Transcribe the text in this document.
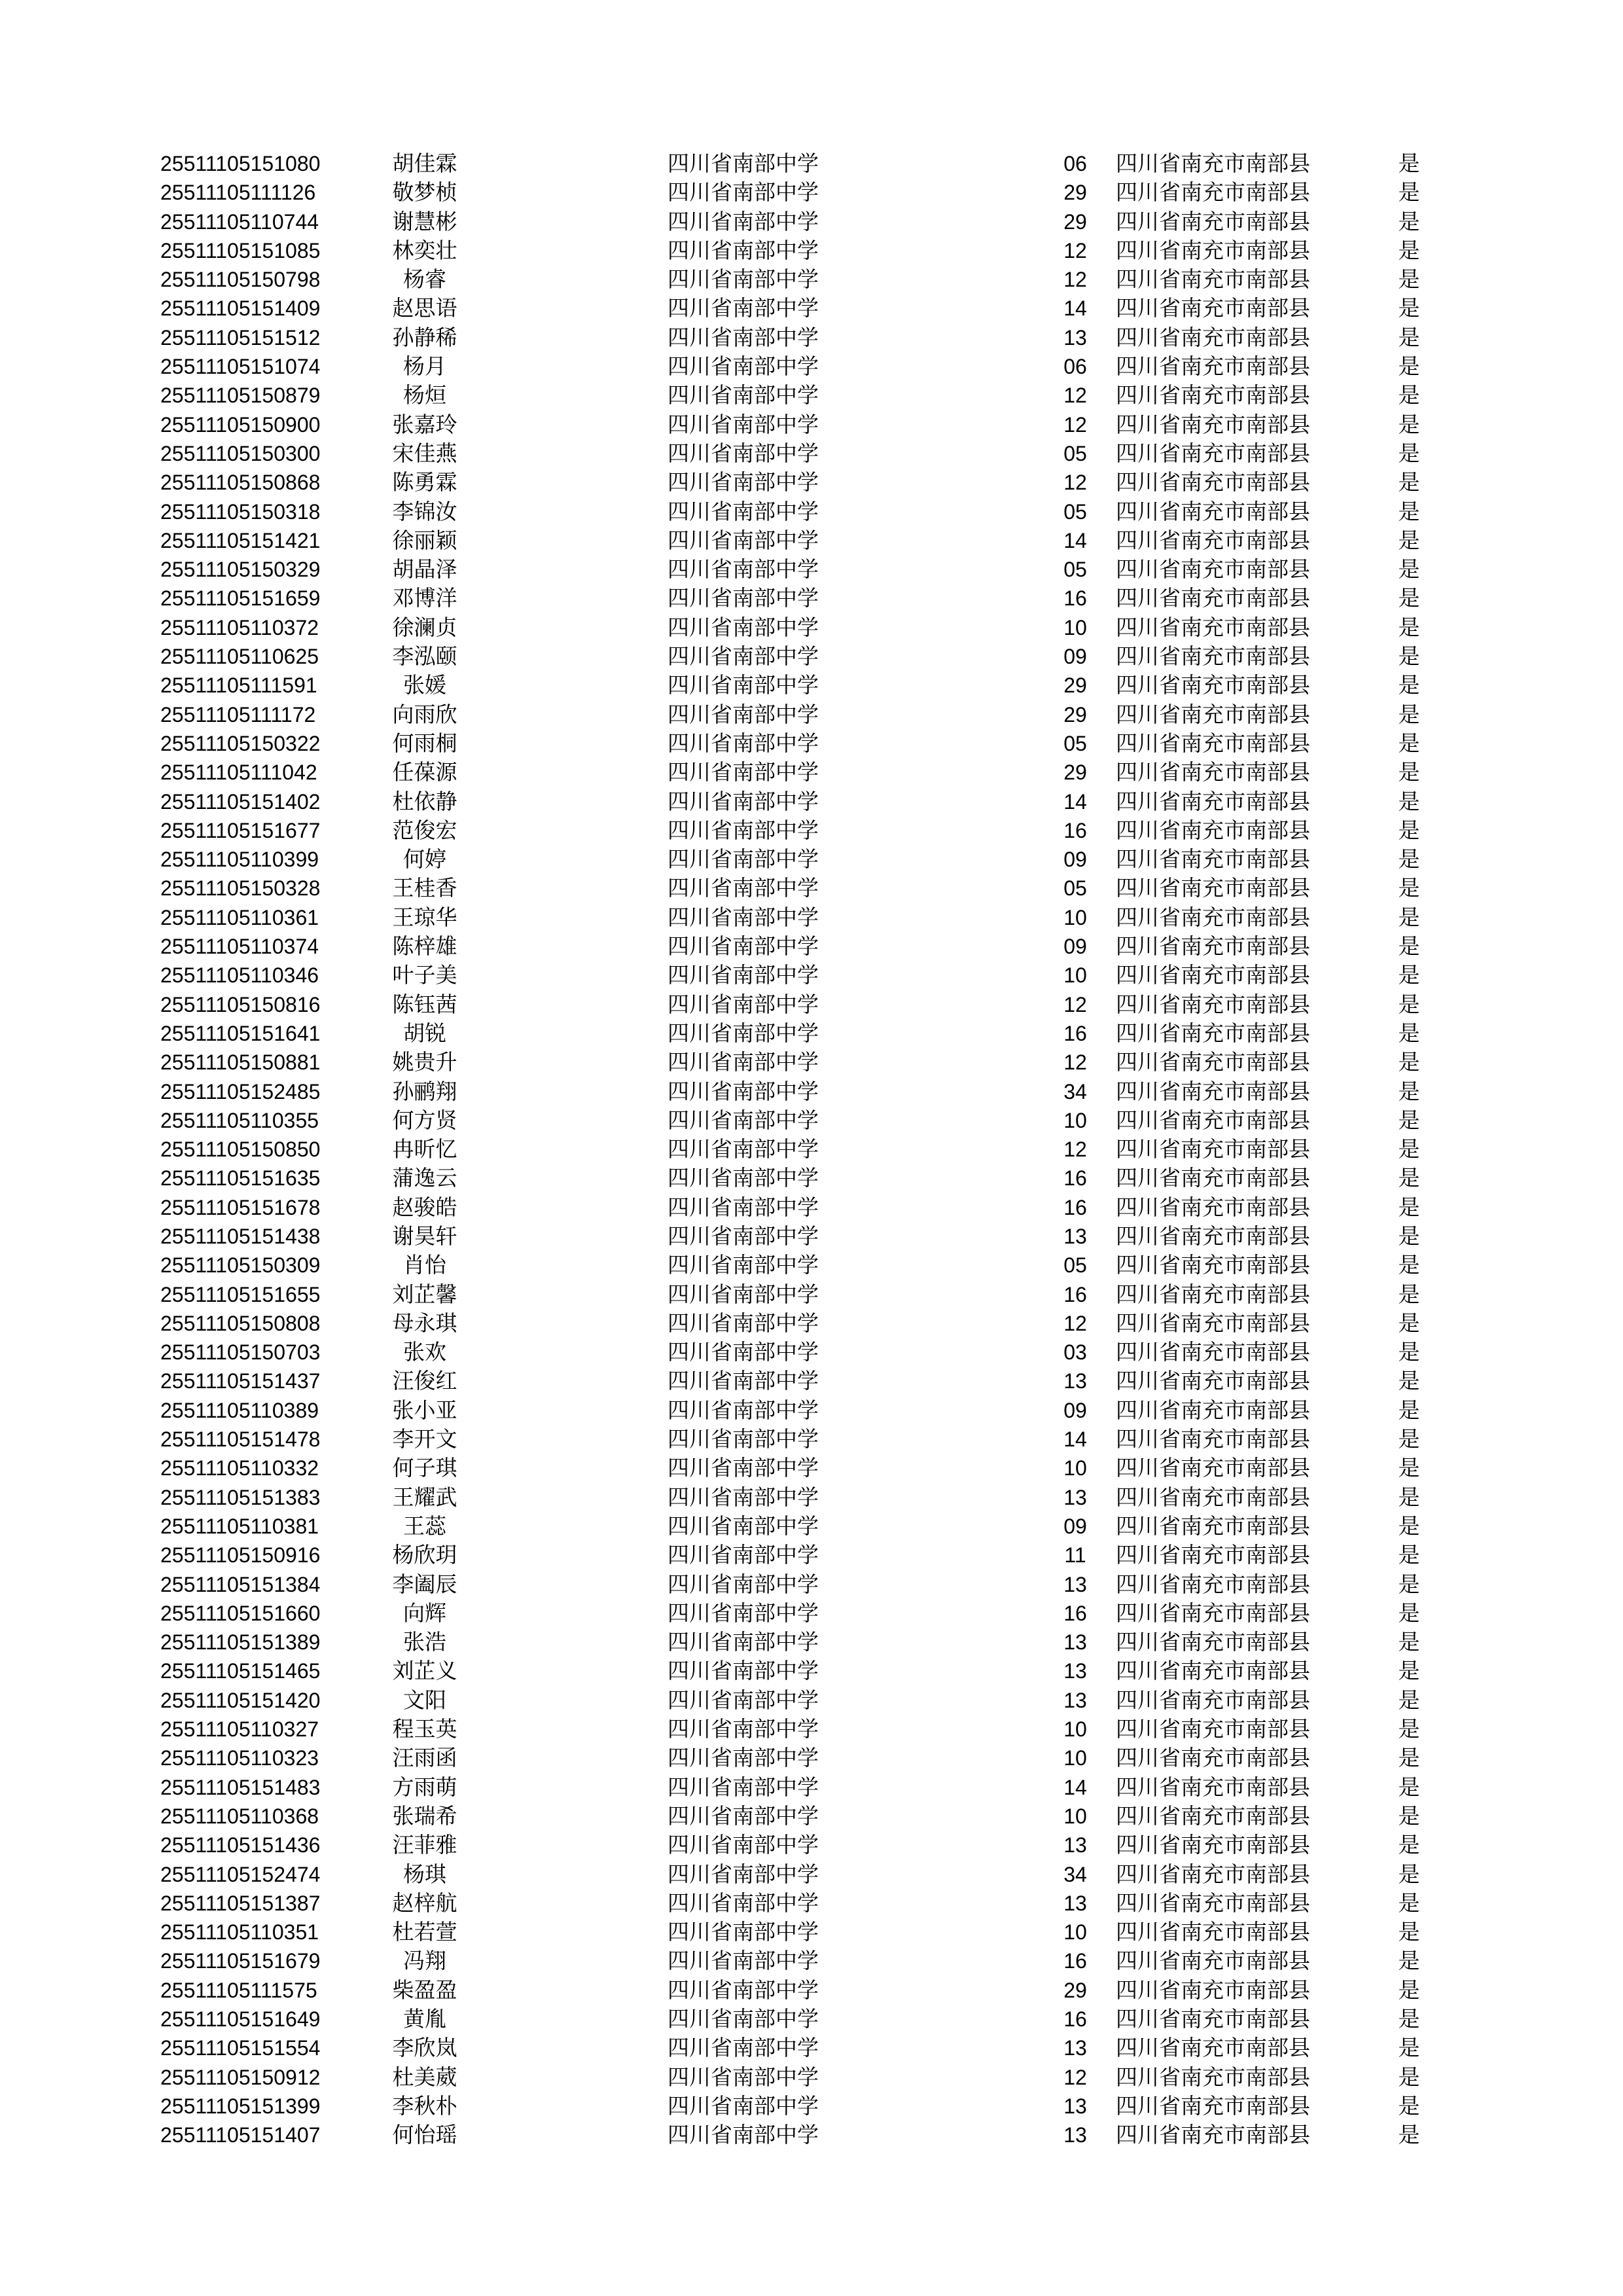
25511105151080	胡佳霖	四川省南部中学	06	四川省南充市南部县	是
25511105111126	敬梦桢	四川省南部中学	29	四川省南充市南部县	是
25511105110744	谢慧彬	四川省南部中学	29	四川省南充市南部县	是
25511105151085	林奕壮	四川省南部中学	12	四川省南充市南部县	是
25511105150798	杨睿	四川省南部中学	12	四川省南充市南部县	是
25511105151409	赵思语	四川省南部中学	14	四川省南充市南部县	是
25511105151512	孙静稀	四川省南部中学	13	四川省南充市南部县	是
25511105151074	杨月	四川省南部中学	06	四川省南充市南部县	是
25511105150879	杨烜	四川省南部中学	12	四川省南充市南部县	是
25511105150900	张嘉玲	四川省南部中学	12	四川省南充市南部县	是
25511105150300	宋佳燕	四川省南部中学	05	四川省南充市南部县	是
25511105150868	陈勇霖	四川省南部中学	12	四川省南充市南部县	是
25511105150318	李锦汝	四川省南部中学	05	四川省南充市南部县	是
25511105151421	徐丽颖	四川省南部中学	14	四川省南充市南部县	是
25511105150329	胡晶泽	四川省南部中学	05	四川省南充市南部县	是
25511105151659	邓博洋	四川省南部中学	16	四川省南充市南部县	是
25511105110372	徐澜贞	四川省南部中学	10	四川省南充市南部县	是
25511105110625	李泓颐	四川省南部中学	09	四川省南充市南部县	是
25511105111591	张媛	四川省南部中学	29	四川省南充市南部县	是
25511105111172	向雨欣	四川省南部中学	29	四川省南充市南部县	是
25511105150322	何雨桐	四川省南部中学	05	四川省南充市南部县	是
25511105111042	任葆源	四川省南部中学	29	四川省南充市南部县	是
25511105151402	杜依静	四川省南部中学	14	四川省南充市南部县	是
25511105151677	范俊宏	四川省南部中学	16	四川省南充市南部县	是
25511105110399	何婷	四川省南部中学	09	四川省南充市南部县	是
25511105150328	王桂香	四川省南部中学	05	四川省南充市南部县	是
25511105110361	王琼华	四川省南部中学	10	四川省南充市南部县	是
25511105110374	陈梓雄	四川省南部中学	09	四川省南充市南部县	是
25511105110346	叶子美	四川省南部中学	10	四川省南充市南部县	是
25511105150816	陈钰茜	四川省南部中学	12	四川省南充市南部县	是
25511105151641	胡锐	四川省南部中学	16	四川省南充市南部县	是
25511105150881	姚贵升	四川省南部中学	12	四川省南充市南部县	是
25511105152485	孙鹂翔	四川省南部中学	34	四川省南充市南部县	是
25511105110355	何方贤	四川省南部中学	10	四川省南充市南部县	是
25511105150850	冉昕忆	四川省南部中学	12	四川省南充市南部县	是
25511105151635	蒲逸云	四川省南部中学	16	四川省南充市南部县	是
25511105151678	赵骏皓	四川省南部中学	16	四川省南充市南部县	是
25511105151438	谢昊轩	四川省南部中学	13	四川省南充市南部县	是
25511105150309	肖怡	四川省南部中学	05	四川省南充市南部县	是
25511105151655	刘芷馨	四川省南部中学	16	四川省南充市南部县	是
25511105150808	母永琪	四川省南部中学	12	四川省南充市南部县	是
25511105150703	张欢	四川省南部中学	03	四川省南充市南部县	是
25511105151437	汪俊红	四川省南部中学	13	四川省南充市南部县	是
25511105110389	张小亚	四川省南部中学	09	四川省南充市南部县	是
25511105151478	李开文	四川省南部中学	14	四川省南充市南部县	是
25511105110332	何子琪	四川省南部中学	10	四川省南充市南部县	是
25511105151383	王耀武	四川省南部中学	13	四川省南充市南部县	是
25511105110381	王蕊	四川省南部中学	09	四川省南充市南部县	是
25511105150916	杨欣玥	四川省南部中学	11	四川省南充市南部县	是
25511105151384	李阖辰	四川省南部中学	13	四川省南充市南部县	是
25511105151660	向辉	四川省南部中学	16	四川省南充市南部县	是
25511105151389	张浩	四川省南部中学	13	四川省南充市南部县	是
25511105151465	刘芷义	四川省南部中学	13	四川省南充市南部县	是
25511105151420	文阳	四川省南部中学	13	四川省南充市南部县	是
25511105110327	程玉英	四川省南部中学	10	四川省南充市南部县	是
25511105110323	汪雨函	四川省南部中学	10	四川省南充市南部县	是
25511105151483	方雨萌	四川省南部中学	14	四川省南充市南部县	是
25511105110368	张瑞希	四川省南部中学	10	四川省南充市南部县	是
25511105151436	汪菲雅	四川省南部中学	13	四川省南充市南部县	是
25511105152474	杨琪	四川省南部中学	34	四川省南充市南部县	是
25511105151387	赵梓航	四川省南部中学	13	四川省南充市南部县	是
25511105110351	杜若萱	四川省南部中学	10	四川省南充市南部县	是
25511105151679	冯翔	四川省南部中学	16	四川省南充市南部县	是
25511105111575	柴盈盈	四川省南部中学	29	四川省南充市南部县	是
25511105151649	黄胤	四川省南部中学	16	四川省南充市南部县	是
25511105151554	李欣岚	四川省南部中学	13	四川省南充市南部县	是
25511105150912	杜美葳	四川省南部中学	12	四川省南充市南部县	是
25511105151399	李秋朴	四川省南部中学	13	四川省南充市南部县	是
25511105151407	何怡瑶	四川省南部中学	13	四川省南充市南部县	是
